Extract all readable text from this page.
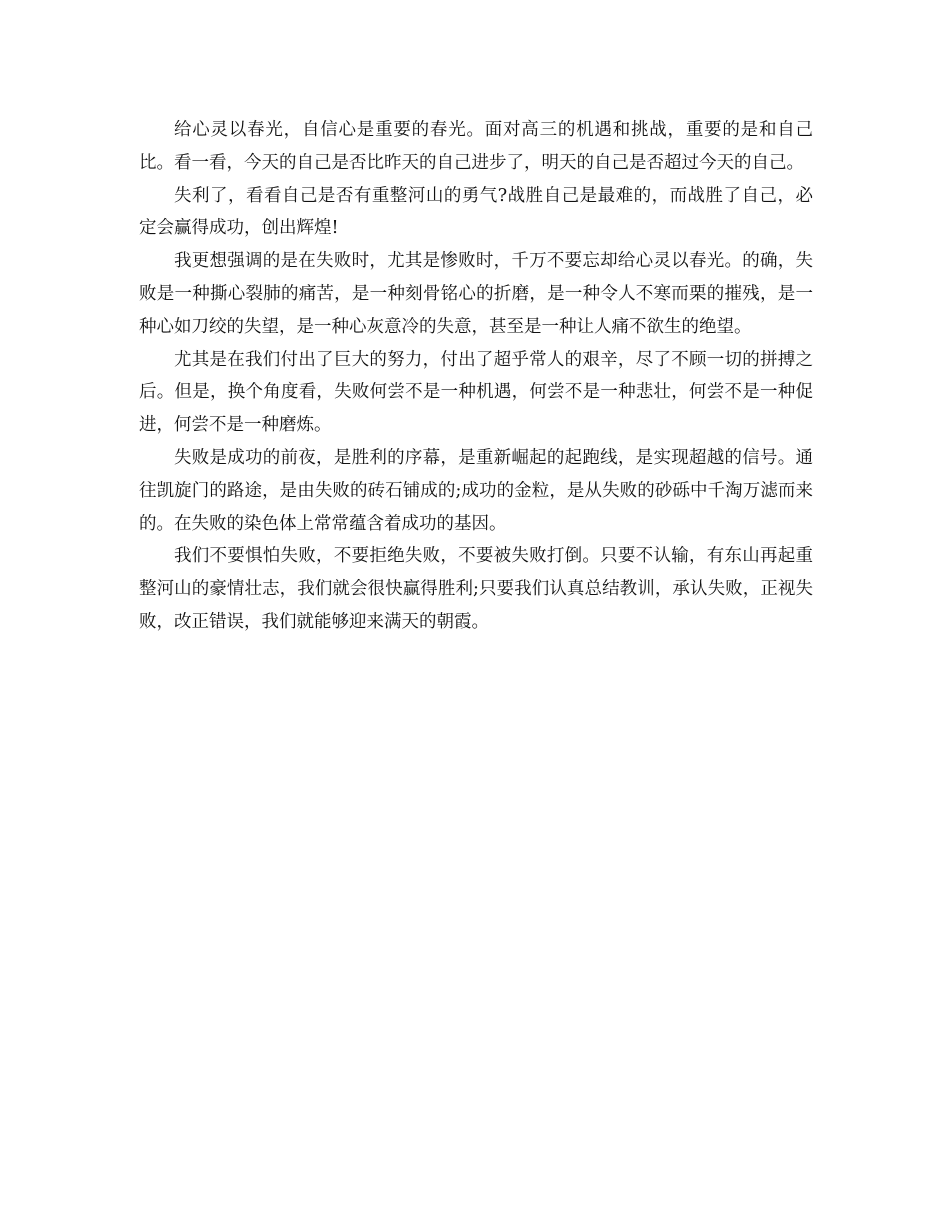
给心灵以春光，自信心是重要的春光。面对高三的机遇和挑战，重要的是和自己比。看一看，今天的自己是否比昨天的自己进步了，明天的自己是否超过今天的自己。

失利了，看看自己是否有重整河山的勇气?战胜自己是最难的，而战胜了自己，必定会赢得成功，创出辉煌!

我更想强调的是在失败时，尤其是惨败时，千万不要忘却给心灵以春光。的确，失败是一种撕心裂肺的痛苦，是一种刻骨铭心的折磨，是一种令人不寒而栗的摧残，是一种心如刀绞的失望，是一种心灰意冷的失意，甚至是一种让人痛不欲生的绝望。

尤其是在我们付出了巨大的努力，付出了超乎常人的艰辛，尽了不顾一切的拼搏之后。但是，换个角度看，失败何尝不是一种机遇，何尝不是一种悲壮，何尝不是一种促进，何尝不是一种磨炼。

失败是成功的前夜，是胜利的序幕，是重新崛起的起跑线，是实现超越的信号。通往凯旋门的路途，是由失败的砖石铺成的;成功的金粒，是从失败的砂砾中千淘万滤而来的。在失败的染色体上常常蕴含着成功的基因。

我们不要惧怕失败，不要拒绝失败，不要被失败打倒。只要不认输，有东山再起重整河山的豪情壮志，我们就会很快赢得胜利;只要我们认真总结教训，承认失败，正视失败，改正错误，我们就能够迎来满天的朝霞。
